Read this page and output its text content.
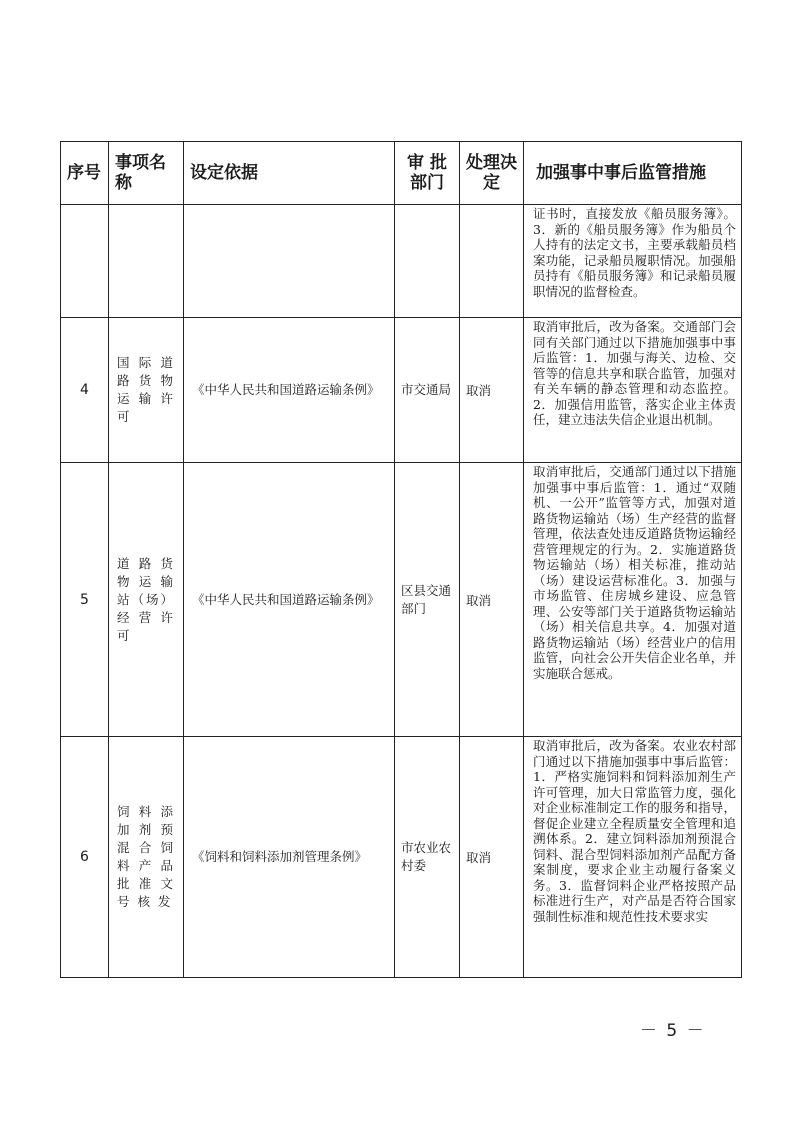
序号	事项名称	设定依据	审 批部门	处理决定	加强事中事后监管措施
					证书时，直接发放《船员服务簿》。3．新的《船员服务簿》作为船员个人持有的法定文书，主要承载船员档案功能，记录船员履职情况。加强船员持有《船员服务簿》和记录船员履职情况的监督检查。
4	国 际 道 路 货 物 运 输 许 可	《中华人民共和国道路运输条例》	市交通局	取消	取消审批后，改为备案。交通部门会同有关部门通过以下措施加强事中事后监管：1．加强与海关、边检、交管等的信息共享和联合监管，加强对有关车辆的静态管理和动态监控。2．加强信用监管，落实企业主体责任，建立违法失信企业退出机制。
5	道 路 货 物 运 输 站（场）经 营 许 可	《中华人民共和国道路运输条例》	区县交通部门	取消	取消审批后，交通部门通过以下措施加强事中事后监管：1．通过“双随机、一公开”监管等方式，加强对道路货物运输站（场）生产经营的监督管理，依法查处违反道路货物运输经营管理规定的行为。2．实施道路货物运输站（场）相关标准，推动站（场）建设运营标准化。3．加强与市场监管、住房城乡建设、应急管理、公安等部门关于道路货物运输站（场）相关信息共享。4．加强对道路货物运输站（场）经营业户的信用监管，向社会公开失信企业名单，并实施联合惩戒。
6	饲 料 添 加 剂 预 混 合 饲 料 产 品 批 准 文 号 核 发	《饲料和饲料添加剂管理条例》	市农业农村委	取消	取消审批后，改为备案。农业农村部门通过以下措施加强事中事后监管：1．严格实施饲料和饲料添加剂生产许可管理，加大日常监管力度，强化对企业标准制定工作的服务和指导，督促企业建立全程质量安全管理和追溯体系。2．建立饲料添加剂预混合饲料、混合型饲料添加剂产品配方备案制度，要求企业主动履行备案义务。3．监督饲料企业严格按照产品标准进行生产，对产品是否符合国家强制性标准和规范性技术要求实
－ 5 －
